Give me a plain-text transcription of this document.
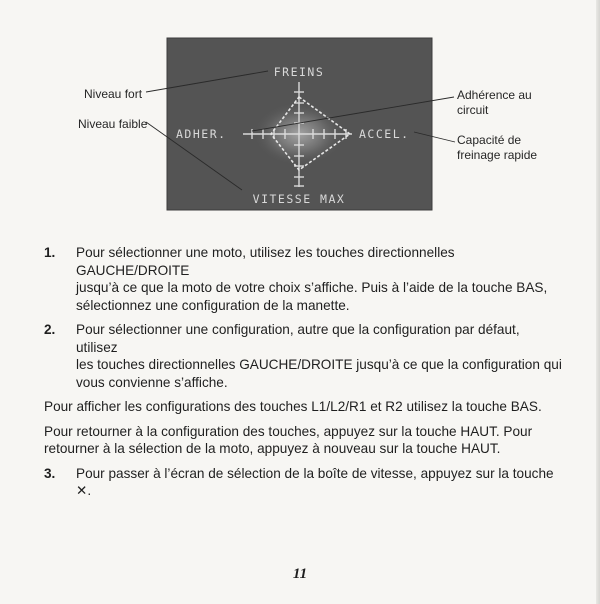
FREINS
ADHER.	ACCEL.
VITESSE MAX
Niveau fort
Niveau faible
Adhérence au
circuit
Capacité de
freinage rapide
1. Pour sélectionner une moto, utilisez les touches directionnelles GAUCHE/DROITE
jusqu’à ce que la moto de votre choix s’affiche. Puis à l’aide de la touche BAS,
sélectionnez une configuration de la manette.
2. Pour sélectionner une configuration, autre que la configuration par défaut, utilisez
les touches directionnelles GAUCHE/DROITE jusqu’à ce que la configuration qui
vous convienne s’affiche.
Pour afficher les configurations des touches L1/L2/R1 et R2 utilisez la touche BAS.
Pour retourner à la configuration des touches, appuyez sur la touche HAUT. Pour
retourner à la sélection de la moto, appuyez à nouveau sur la touche HAUT.
3. Pour passer à l’écran de sélection de la boîte de vitesse, appuyez sur la touche ✕.
11
